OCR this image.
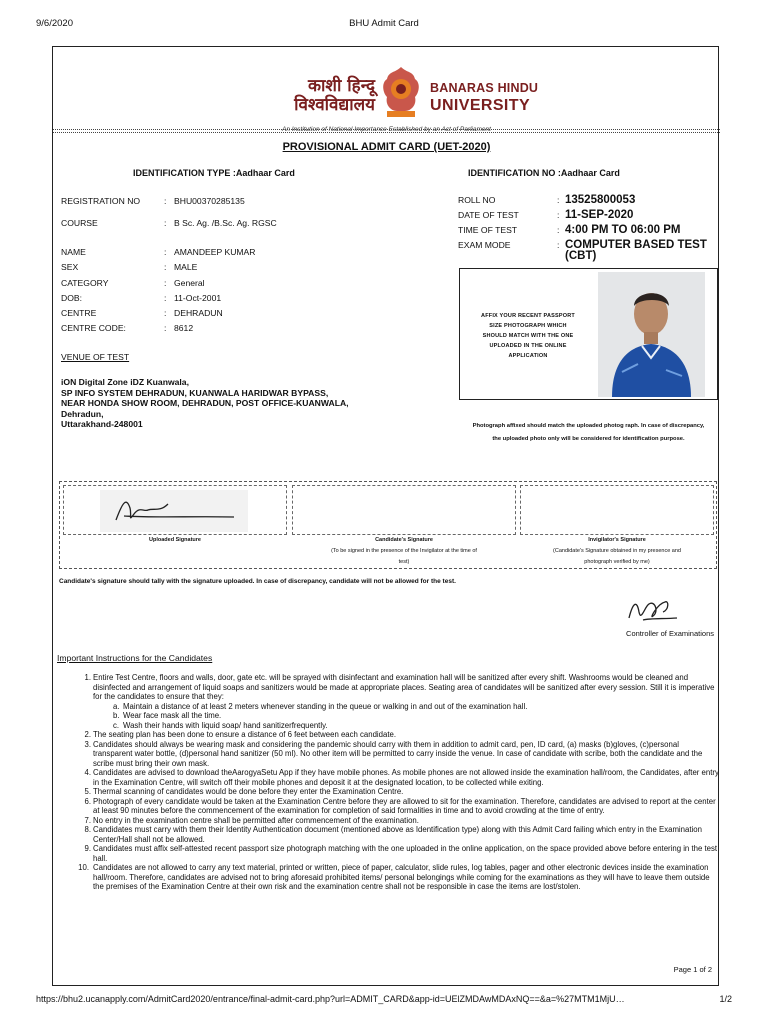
9/6/2020	BHU Admit Card
काशी हिन्दू
विश्वविद्यालय
BANARAS HINDU
UNIVERSITY
An Institution of National Importance Established by an Act of Parliament
PROVISIONAL ADMIT CARD (UET-2020)
IDENTIFICATION TYPE :Aadhaar Card	IDENTIFICATION NO :Aadhaar Card
REGISTRATION NO	: BHU00370285135
COURSE	: B Sc. Ag. /B.Sc. Ag. RGSC
NAME	: AMANDEEP KUMAR
SEX	: MALE
CATEGORY	: General
DOB:	: 11-Oct-2001
CENTRE	: DEHRADUN
CENTRE CODE:	: 8612
ROLL NO	: 13525800053
DATE OF TEST	: 11-SEP-2020
TIME OF TEST	: 4:00 PM TO 06:00 PM
EXAM MODE	: COMPUTER BASED TEST
(CBT)
VENUE OF TEST
iON Digital Zone iDZ Kuanwala,
SP INFO SYSTEM DEHRADUN, KUANWALA HARIDWAR BYPASS,
NEAR HONDA SHOW ROOM, DEHRADUN, POST OFFICE-KUANWALA, Dehradun,
Uttarakhand-248001
AFFIX YOUR RECENT PASSPORT
SIZE PHOTOGRAPH WHICH
SHOULD MATCH WITH THE ONE
UPLOADED IN THE ONLINE
APPLICATION
Photograph affixed should match the uploaded photog raph. In case of discrepancy,
the uploaded photo only will be considered for identification purpose.
Uploaded Signature	Candidate's Signature
(To be signed in the presence of the Invigilator at the time of
test)
Invigilator's Signature
(Candidate's Signature obtained in my presence and
photograph verified by me)
Candidate's signature should tally with the signature uploaded. In case of discrepancy, candidate will not be allowed for the test.
Controller of Examinations
Important Instructions for the Candidates
1. Entire Test Centre, floors and walls, door, gate etc. will be sprayed with disinfectant and examination hall will be sanitized after every shift. Washrooms would be cleaned and disinfected and arrangement of liquid soaps and sanitizers would be made at appropriate places. Seating area of candidates will be sanitized after every session. Still it is imperative for the candidates to ensure that they:
a. Maintain a distance of at least 2 meters whenever standing in the queue or walking in and out of the examination hall.
b. Wear face mask all the time.
c. Wash their hands with liquid soap/ hand sanitizerfrequently.
2. The seating plan has been done to ensure a distance of 6 feet between each candidate.
3. Candidates should always be wearing mask and considering the pandemic should carry with them in addition to admit card, pen, ID card, (a) masks (b)gloves, (c)personal transparent water bottle, (d)personal hand sanitizer (50 ml). No other item will be permitted to carry inside the venue. In case of candidate with scribe, both the candidate and the scribe must bring their own mask.
4. Candidates are advised to download theAarogyaSetu App if they have mobile phones. As mobile phones are not allowed inside the examination hall/room, the Candidates, after entry in the Examination Centre, will switch off their mobile phones and deposit it at the designated location, to be collected while exiting.
5. Thermal scanning of candidates would be done before they enter the Examination Centre.
6. Photograph of every candidate would be taken at the Examination Centre before they are allowed to sit for the examination. Therefore, candidates are advised to report at the center at least 90 minutes before the commencement of the examination for completion of said formalities in time and to avoid crowding at the time of entry.
7. No entry in the examination centre shall be permitted after commencement of the examination.
8. Candidates must carry with them their Identity Authentication document (mentioned above as Identification type) along with this Admit Card failing which entry in the Examination Center/Hall shall not be allowed.
9. Candidates must affix self-attested recent passport size photograph matching with the one uploaded in the online application, on the space provided above before entering in the test hall.
10. Candidates are not allowed to carry any text material, printed or written, piece of paper, calculator, slide rules, log tables, pager and other electronic devices inside the examination hall/room. Therefore, candidates are advised not to bring aforesaid prohibited items/ personal belongings while coming for the examinations as they will have to leave them outside the premises of the Examination Centre at their own risk and the examination centre shall not be responsible in case the items are lost/stolen.
Page 1 of 2
https://bhu2.ucanapply.com/AdmitCard2020/entrance/final-admit-card.php?url=ADMIT_CARD&app-id=UElZMDAwMDAxNQ==&a=%27MTM1MjU…	1/2
